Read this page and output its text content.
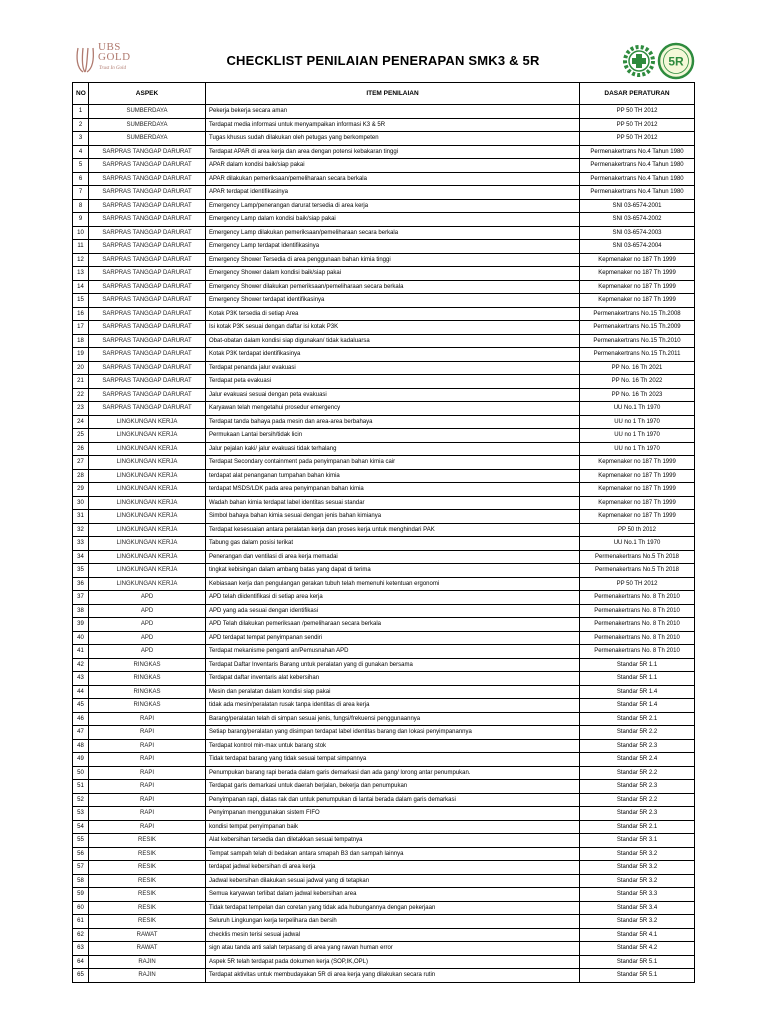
UBS
GOLD
Trust In Gold
CHECKLIST PENILAIAN PENERAPAN SMK3 & 5R	5R
NO	ASPEK	ITEM PENILAIAN	DASAR PERATURAN
1	SUMBERDAYA	Pekerja bekerja secara aman	PP 50 TH 2012
2	SUMBERDAYA	Terdapat media informasi untuk menyampaikan informasi K3 & 5R	PP 50 TH 2012
3	SUMBERDAYA	Tugas khusus sudah dilakukan oleh petugas yang berkompeten	PP 50 TH 2012
4	SARPRAS TANGGAP DARURAT	Terdapat APAR di area kerja dan area dengan potensi kebakaran tinggi	Permenakertrans No.4 Tahun 1980
5	SARPRAS TANGGAP DARURAT	APAR dalam kondisi baik/siap pakai	Permenakertrans No.4 Tahun 1980
6	SARPRAS TANGGAP DARURAT	APAR dilakukan pemeriksaan/pemeliharaan secara berkala	Permenakertrans No.4 Tahun 1980
7	SARPRAS TANGGAP DARURAT	APAR terdapat identifikasinya	Permenakertrans No.4 Tahun 1980
8	SARPRAS TANGGAP DARURAT	Emergency Lamp/penerangan darurat tersedia di area kerja	SNI 03-6574-2001
9	SARPRAS TANGGAP DARURAT	Emergency Lamp dalam kondisi baik/siap pakai	SNI 03-6574-2002
10	SARPRAS TANGGAP DARURAT	Emergency Lamp dilakukan pemeriksaan/pemeliharaan secara berkala	SNI 03-6574-2003
11	SARPRAS TANGGAP DARURAT	Emergency Lamp terdapat identifikasinya	SNI 03-6574-2004
12	SARPRAS TANGGAP DARURAT	Emergency Shower Tersedia di area penggunaan bahan kimia tinggi	Kepmenaker no 187 Th 1999
13	SARPRAS TANGGAP DARURAT	Emergency Shower dalam kondisi baik/siap pakai	Kepmenaker no 187 Th 1999
14	SARPRAS TANGGAP DARURAT	Emergency Shower dilakukan pemeriksaan/pemeliharaan secara berkala	Kepmenaker no 187 Th 1999
15	SARPRAS TANGGAP DARURAT	Emergency Shower terdapat identifikasinya	Kepmenaker no 187 Th 1999
16	SARPRAS TANGGAP DARURAT	Kotak P3K tersedia di setiap Area	Permenakertrans No.15 Th.2008
17	SARPRAS TANGGAP DARURAT	Isi kotak P3K sesuai dengan daftar isi kotak P3K	Permenakertrans No.15 Th.2009
18	SARPRAS TANGGAP DARURAT	Obat-obatan dalam kondisi siap digunakan/ tidak kadaluarsa	Permenakertrans No.15 Th.2010
19	SARPRAS TANGGAP DARURAT	Kotak P3K terdapat identifikasinya	Permenakertrans No.15 Th.2011
20	SARPRAS TANGGAP DARURAT	Terdapat penanda jalur evakuasi	PP No. 16 Th 2021
21	SARPRAS TANGGAP DARURAT	Terdapat peta evakuasi	PP No. 16 Th 2022
22	SARPRAS TANGGAP DARURAT	Jalur evakuasi sesuai dengan peta evakuasi	PP No. 16 Th 2023
23	SARPRAS TANGGAP DARURAT	Karyawan telah mengetahui prosedur emergency	UU No.1 Th 1970
24	LINGKUNGAN KERJA	Terdapat tanda bahaya pada mesin dan area-area berbahaya	UU no 1 Th 1970
25	LINGKUNGAN KERJA	Permukaan Lantai bersih/tidak licin	UU no 1 Th 1970
26	LINGKUNGAN KERJA	Jalur pejalan kaki/ jalur evakuasi tidak terhalang	UU no 1 Th 1970
27	LINGKUNGAN KERJA	Terdapat Secondary containment pada penyimpanan bahan kimia cair	Kepmenaker no 187 Th 1999
28	LINGKUNGAN KERJA	terdapat alat penanganan tumpahan bahan kimia	Kepmenaker no 187 Th 1999
29	LINGKUNGAN KERJA	terdapat MSDS/LDK pada area penyimpanan bahan kimia	Kepmenaker no 187 Th 1999
30	LINGKUNGAN KERJA	Wadah bahan kimia terdapat label identitas sesuai standar	Kepmenaker no 187 Th 1999
31	LINGKUNGAN KERJA	Simbol bahaya bahan kimia sesuai dengan jenis bahan kimianya	Kepmenaker no 187 Th 1999
32	LINGKUNGAN KERJA	Terdapat kesesuaian antara peralatan kerja dan proses kerja untuk menghindari PAK	PP 50 th 2012
33	LINGKUNGAN KERJA	Tabung gas dalam posisi terikat	UU No.1 Th 1970
34	LINGKUNGAN KERJA	Penerangan dan ventilasi di area kerja memadai	Permenakertrans No.5 Th 2018
35	LINGKUNGAN KERJA	tingkat kebisingan dalam ambang batas yang dapat di terima	Permenakertrans No.5 Th 2018
36	LINGKUNGAN KERJA	Kebiasaan kerja dan pengulangan gerakan tubuh telah memenuhi ketentuan ergonomi	PP 50 TH 2012
37	APD	APD telah diidentifikasi di setiap area kerja	Permenakertrans No. 8 Th 2010
38	APD	APD yang ada sesuai dengan identifikasi	Permenakertrans No. 8 Th 2010
39	APD	APD Telah dilakukan pemeriksaan /pemeliharaan secara berkala	Permenakertrans No. 8 Th 2010
40	APD	APD terdapat tempat penyimpanan sendiri	Permenakertrans No. 8 Th 2010
41	APD	Terdapat mekanisme penganti an/Pemusnahan APD	Permenakertrans No. 8 Th 2010
42	RINGKAS	Terdapat Daftar Inventaris Barang untuk peralatan yang di gunakan bersama	Standar 5R 1.1
43	RINGKAS	Terdapat daftar inventaris alat kebersihan	Standar 5R 1.1
44	RINGKAS	Mesin dan peralatan dalam kondisi siap pakai	Standar 5R 1.4
45	RINGKAS	tidak ada mesin/peralatan rusak tanpa identitas di area kerja	Standar 5R 1.4
46	RAPI	Barang/peralatan telah di simpan sesuai jenis, fungsi/frekuensi penggunaannya	Standar 5R 2.1
47	RAPI	Setiap barang/peralatan yang disimpan terdapat label identitas barang dan lokasi penyimpanannya	Standar 5R 2.2
48	RAPI	Terdapat kontrol min-max untuk barang stok	Standar 5R 2.3
49	RAPI	Tidak terdapat barang yang tidak sesuai tempat simpannya	Standar 5R 2.4
50	RAPI	Penumpukan barang rapi berada dalam garis demarkasi dan ada gang/ lorong antar penumpukan.	Standar 5R 2.2
51	RAPI	Terdapat garis demarkasi untuk daerah berjalan, bekerja dan penumpukan	Standar 5R 2.3
52	RAPI	Penyimpanan rapi, diatas rak dan untuk penumpukan di lantai berada dalam garis demarkasi	Standar 5R 2.2
53	RAPI	Penyimpanan menggunakan sistem FIFO	Standar 5R 2.3
54	RAPI	kondisi tempat penyimpanan baik	Standar 5R 2.1
55	RESIK	Alat kebersihan tersedia dan diletakkan sesuai tempatnya	Standar 5R 3.1
56	RESIK	Tempat sampah telah di bedakan antara smapah B3 dan sampah lainnya	Standar 5R 3.2
57	RESIK	terdapat jadwal kebersihan di area kerja	Standar 5R 3.2
58	RESIK	Jadwal kebersihan dilakukan sesuai jadwal yang di tetapkan	Standar 5R 3.2
59	RESIK	Semua karyawan terlibat dalam jadwal kebersihan area	Standar 5R 3.3
60	RESIK	Tidak terdapat tempelan dan coretan yang tidak ada hubungannya dengan pekerjaan	Standar 5R 3.4
61	RESIK	Seluruh Lingkungan kerja terpelihara dan bersih	Standar 5R 3.2
62	RAWAT	checklis mesin terisi sesuai jadwal	Standar 5R 4.1
63	RAWAT	sign atau tanda anti salah terpasang di area yang rawan human error	Standar 5R 4.2
64	RAJIN	Aspek 5R telah terdapat pada dokumen kerja (SOP,IK,OPL)	Standar 5R 5.1
65	RAJIN	Terdapat aktivitas untuk membudayakan 5R di area kerja yang dilakukan secara rutin	Standar 5R 5.1
